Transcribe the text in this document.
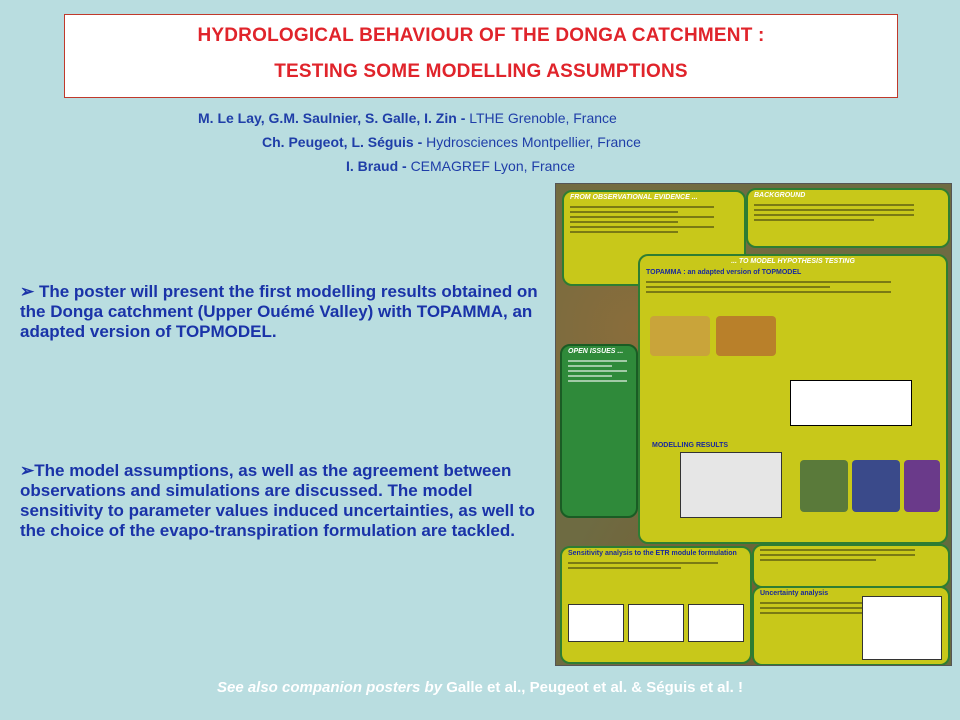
HYDROLOGICAL BEHAVIOUR OF THE DONGA CATCHMENT :
TESTING SOME MODELLING ASSUMPTIONS
M. Le Lay, G.M. Saulnier, S. Galle, I. Zin - LTHE Grenoble, France
Ch. Peugeot, L. Séguis - Hydrosciences Montpellier, France
I. Braud - CEMAGREF Lyon, France
➢ The poster will present the first modelling results obtained on the Donga catchment (Upper Ouémé Valley) with TOPAMMA, an adapted version of TOPMODEL.
➢The model assumptions, as well as the agreement between observations and simulations are discussed. The model sensitivity to parameter values induced uncertainties, as well to the choice of the evapo-transpiration formulation are tackled.
FROM OBSERVATIONAL EVIDENCE ...	BACKGROUND
... TO MODEL HYPOTHESIS TESTING
TOPAMMA : an adapted version of TOPMODEL
MODELLING RESULTS
OPEN ISSUES ...
Sensitivity analysis to the ETR module formulation
Uncertainty analysis
See also companion posters by Galle et al., Peugeot et al. & Séguis et al. !
